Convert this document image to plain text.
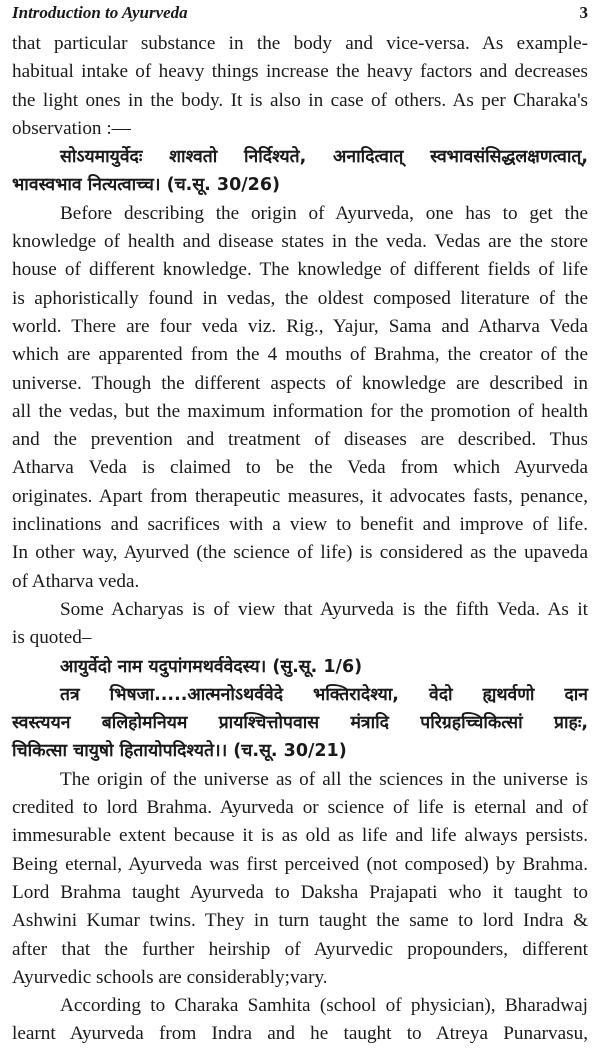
Introduction to Ayurveda	3
that particular substance in the body and vice-versa. As example-
habitual intake of heavy things increase the heavy factors and decreases
the light ones in the body. It is also in case of others. As per Charaka's
observation :—
सोऽयमायुर्वेदः शाश्वतो निर्दिश्यते, अनादित्वात् स्वभावसंसिद्धलक्षणत्वात्,
भावस्वभाव नित्यत्वाच्च। (च.सू. 30/26)
Before describing the origin of Ayurveda, one has to get the
knowledge of health and disease states in the veda. Vedas are the store
house of different knowledge. The knowledge of different fields of life
is aphoristically found in vedas, the oldest composed literature of the
world. There are four veda viz. Rig., Yajur, Sama and Atharva Veda
which are apparented from the 4 mouths of Brahma, the creator of the
universe. Though the different aspects of knowledge are described in
all the vedas, but the maximum information for the promotion of health
and the prevention and treatment of diseases are described. Thus
Atharva Veda is claimed to be the Veda from which Ayurveda
originates. Apart from therapeutic measures, it advocates fasts, penance,
inclinations and sacrifices with a view to benefit and improve of life.
In other way, Ayurved (the science of life) is considered as the upaveda
of Atharva veda.
Some Acharyas is of view that Ayurveda is the fifth Veda. As it
is quoted–
आयुर्वेदो नाम यदुपांगमथर्ववेदस्य। (सु.सू. 1/6)
तत्र भिषजा.....आत्मनोऽथर्ववेदे भक्तिरादेश्या, वेदो ह्यथर्वणो दान
स्वस्त्ययन बलिहोमनियम प्रायश्चित्तोपवास मंत्रादि परिग्रहच्चिकित्सां प्राहः,
चिकित्सा चायुषो हितायोपदिश्यते।। (च.सू. 30/21)
The origin of the universe as of all the sciences in the universe is
credited to lord Brahma. Ayurveda or science of life is eternal and of
immesurable extent because it is as old as life and life always persists.
Being eternal, Ayurveda was first perceived (not composed) by Brahma.
Lord Brahma taught Ayurveda to Daksha Prajapati who it taught to
Ashwini Kumar twins. They in turn taught the same to lord Indra &
after that the further heirship of Ayurvedic propounders, different
Ayurvedic schools are considerably;vary.
According to Charaka Samhita (school of physician), Bharadwaj
learnt Ayurveda from Indra and he taught to Atreya Punarvasu,
